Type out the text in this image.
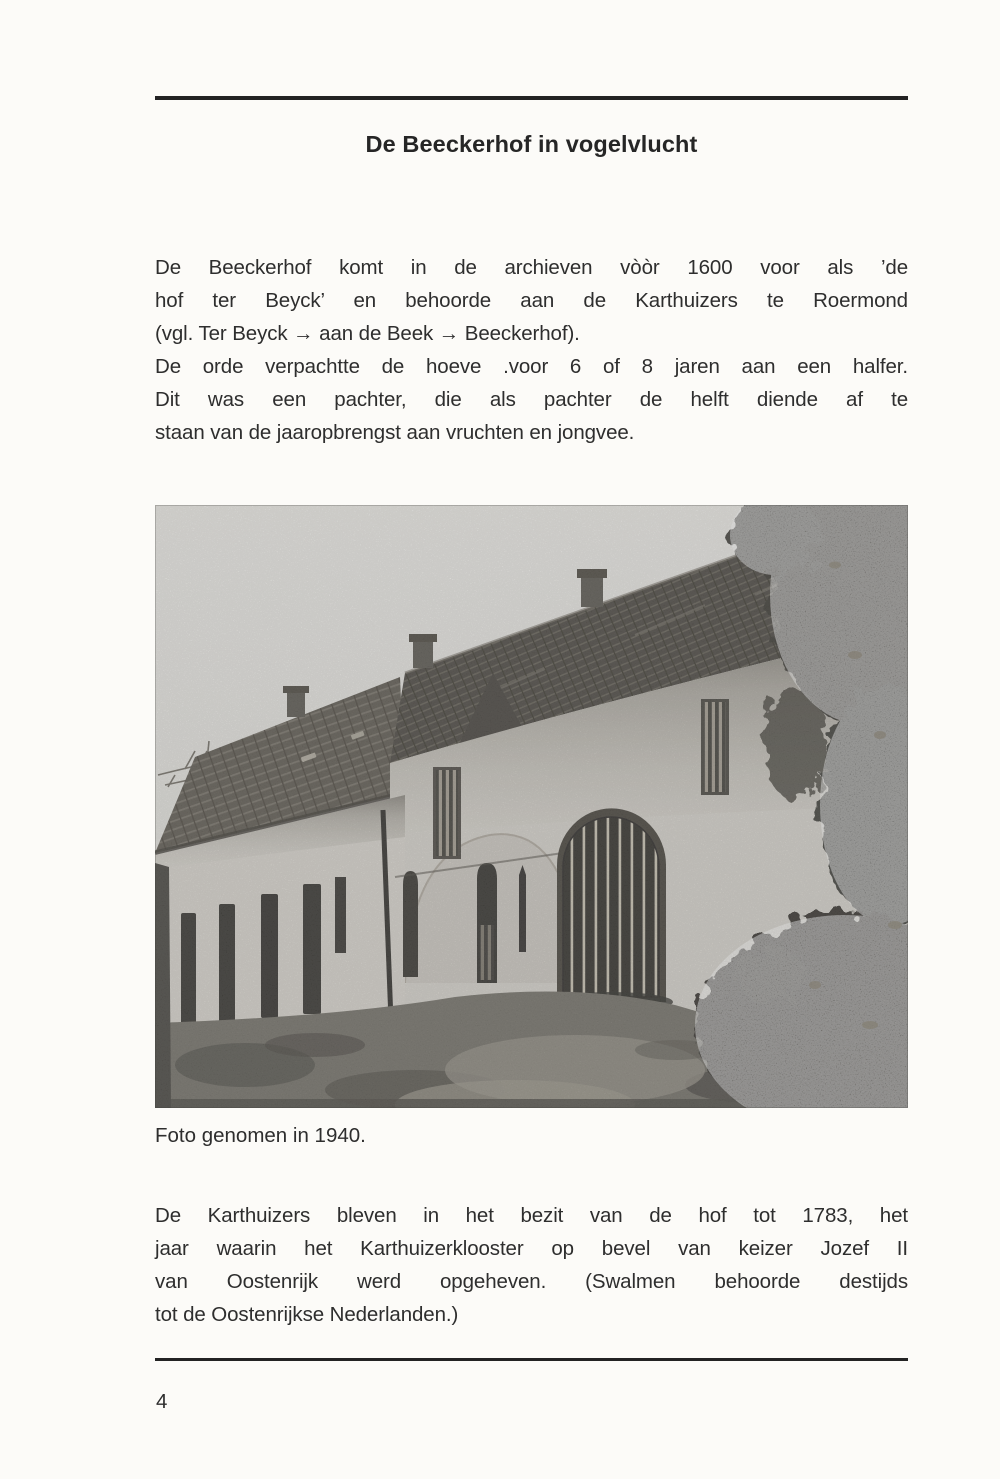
De Beeckerhof in vogelvlucht
De Beeckerhof komt in de archieven vòòr 1600 voor als ’de
hof ter Beyck’ en behoorde aan de Karthuizers te Roermond
(vgl. Ter Beyck → aan de Beek → Beeckerhof).
De orde verpachtte de hoeve .voor 6 of 8 jaren aan een halfer.
Dit was een pachter, die als pachter de helft diende af te
staan van de jaaropbrengst aan vruchten en jongvee.
Foto genomen in 1940.
De Karthuizers bleven in het bezit van de hof tot 1783, het
jaar waarin het Karthuizerklooster op bevel van keizer Jozef II
van Oostenrijk werd opgeheven. (Swalmen behoorde destijds
tot de Oostenrijkse Nederlanden.)
4
